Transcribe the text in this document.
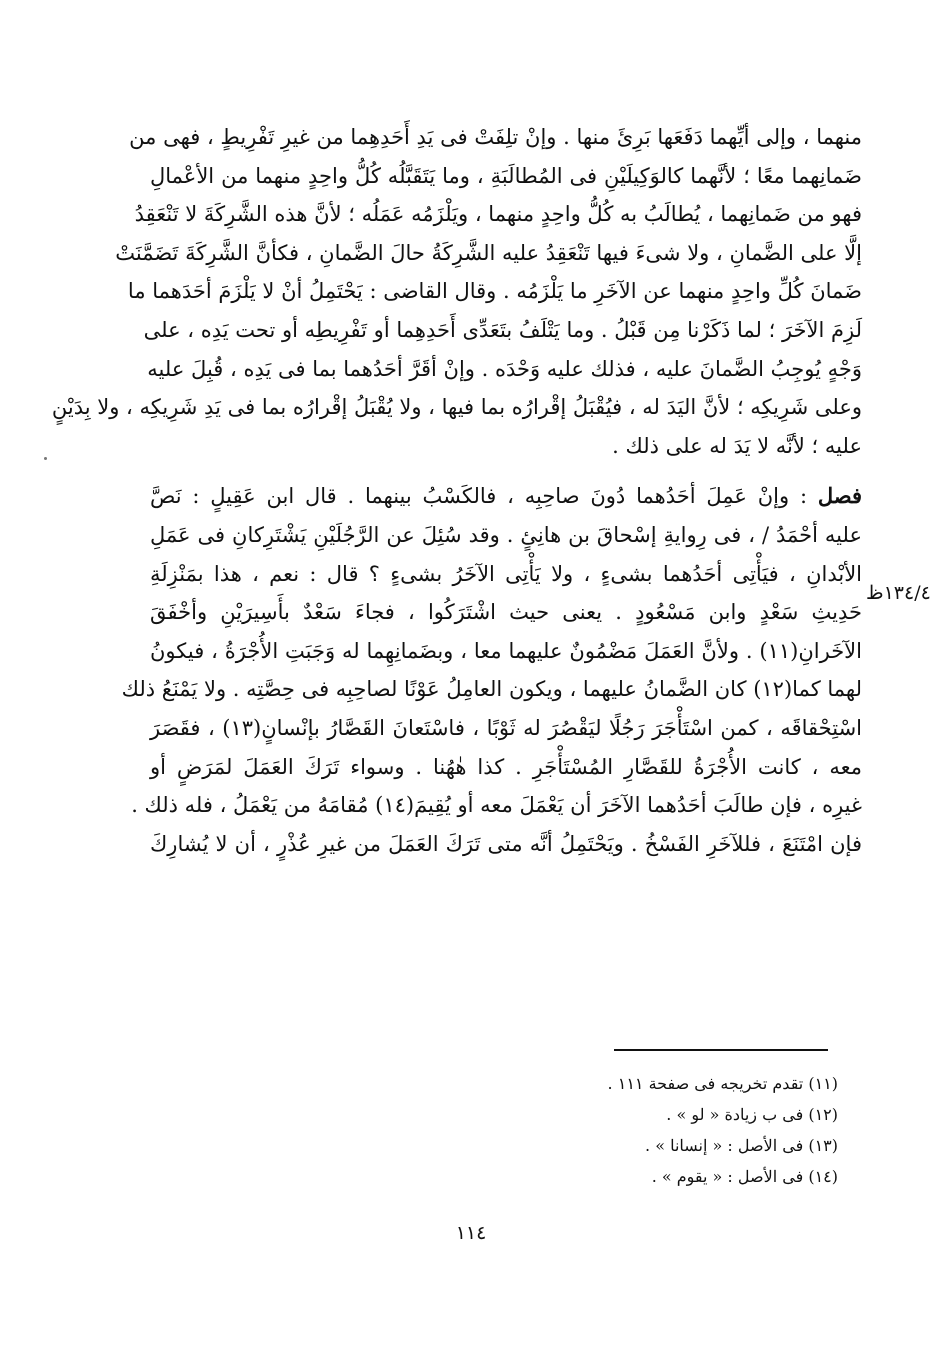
منهما ، وإلى أيِّهما دَفَعَها بَرِئَ منها . وإنْ تلِفَتْ فى يَدِ أَحَدِهِما من غيرِ تَفْرِيطٍ ، فهى من
ضَمانِهما معًا ؛ لأنَّهما كالوَكِيلَيْنِ فى المُطالَبَةِ ، وما يَتَقَبَّلُه كُلُّ واحِدٍ منهما من الأعْمالِ
فهو من ضَمانِهما ، يُطالَبُ به كُلُّ واحِدٍ منهما ، ويَلْزَمُه عَمَلُه ؛ لأنَّ هذه الشَّرِكَةَ لا تَنْعَقِدُ
إلَّا على الضَّمانِ ، ولا شىءَ فيها تَنْعَقِدُ عليه الشَّرِكَةُ حالَ الضَّمانِ ، فكأنَّ الشَّرِكَةَ تَضَمَّنَتْ
ضَمانَ كُلِّ واحِدٍ منهما عن الآخَرِ ما يَلْزَمُه . وقال القاضى : يَحْتَمِلُ أنْ لا يَلْزَمَ أحَدَهما ما
لَزِمَ الآخَرَ ؛ لما ذَكَرْنا مِن قَبْلُ . وما يَتْلَفُ بتَعَدِّى أَحَدِهِما أو تَفْرِيطِه أو تحت يَدِه ، على
وَجْهٍ يُوجِبُ الضَّمانَ عليه ، فذلك عليه وَحْدَه . وإنْ أقَرَّ أحَدُهما بما فى يَدِه ، قُبِلَ عليه
وعلى شَرِيكِه ؛ لأنَّ اليَدَ له ، فيُقْبَلُ إقْرارُه بما فيها ، ولا يُقْبَلُ إقْرارُه بما فى يَدِ شَرِيكِه ، ولا بِدَيْنٍ
عليه ؛ لأنَّه لا يَدَ له على ذلك .
فصل : وإنْ عَمِلَ أحَدُهما دُونَ صاحِبِه ، فالكَسْبُ بينهما . قال ابن عَقِيلٍ : نَصَّ
عليه أحْمَدُ / ، فى رِوايةِ إسْحاقَ بن هانِئٍ . وقد سُئِلَ عن الرَّجُلَيْنِ يَشْتَرِكانِ فى عَمَلِ
الأبْدانِ ، فيَأْتِى أحَدُهما بشىءٍ ، ولا يَأْتِى الآخَرُ بشىءٍ ؟ قال : نعم ، هذا بمَنْزِلَةِ
حَدِيثِ سَعْدٍ وابن مَسْعُودٍ . يعنى حيث اشْتَرَكُوا ، فجاءَ سَعْدٌ بأَسِيرَيْنِ وأخْفَقَ
الآخَرانِ(١١) . ولأنَّ العَمَلَ مَضْمُونٌ عليهما معا ، وبضَمانِهِما له وَجَبَتِ الأُجْرَةُ ، فيكونُ
لهما كما(١٢) كان الضَّمانُ عليهما ، ويكون العامِلُ عَوْنًا لصاحِبِه فى حِصَّتِه . ولا يَمْنَعُ ذلك
اسْتِحْقاقَه ، كمن اسْتَأْجَرَ رَجُلًا ليَقْصُرَ له ثَوْبًا ، فاسْتَعانَ القَصَّارُ بإنْسانٍ(١٣) ، فقَصَرَ
معه ، كانت الأُجْرَةُ للقَصَّارِ المُسْتَأْجَرِ . كذا هٰهُنا . وسواء تَرَكَ العَمَلَ لمَرَضٍ أو
غيرِه ، فإن طالَبَ أحَدُهما الآخَرَ أن يَعْمَلَ معه أو يُقِيمَ(١٤) مُقامَهُ من يَعْمَلُ ، فله ذلك .
فإن امْتَنَعَ ، فللآخَرِ الفَسْخُ . ويَحْتَمِلُ أنَّه متى تَرَكَ العَمَلَ من غيرِ عُذْرٍ ، أن لا يُشارِكَ
١٣٤/٤ظ
(١١) تقدم تخريجه فى صفحة ١١١ .
(١٢) فى ب زيادة « لو » .
(١٣) فى الأصل : « إنسانا » .
(١٤) فى الأصل : « يقوم » .
١١٤
